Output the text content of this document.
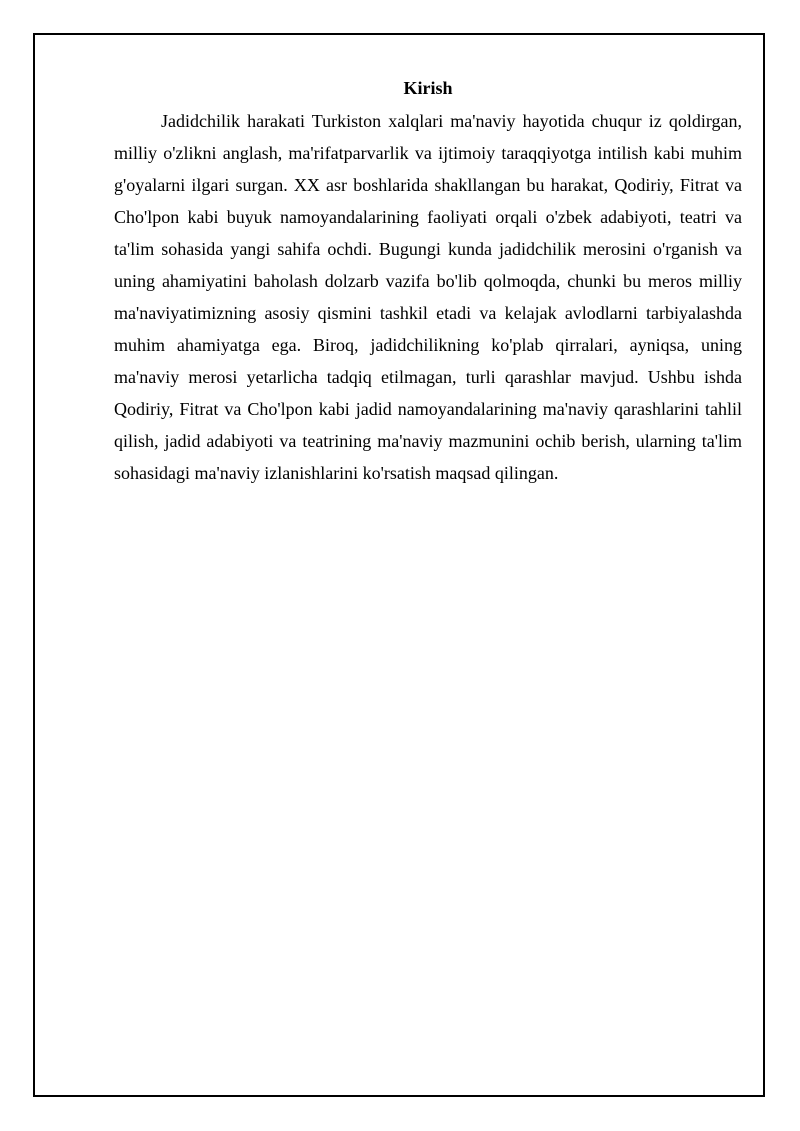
Kirish

Jadidchilik harakati Turkiston xalqlari ma'naviy hayotida chuqur iz qoldirgan, milliy o'zlikni anglash, ma'rifatparvarlik va ijtimoiy taraqqiyotga intilish kabi muhim g'oyalarni ilgari surgan. XX asr boshlarida shakllangan bu harakat, Qodiriy, Fitrat va Cho'lpon kabi buyuk namoyandalarining faoliyati orqali o'zbek adabiyoti, teatri va ta'lim sohasida yangi sahifa ochdi. Bugungi kunda jadidchilik merosini o'rganish va uning ahamiyatini baholash dolzarb vazifa bo'lib qolmoqda, chunki bu meros milliy ma'naviyatimizning asosiy qismini tashkil etadi va kelajak avlodlarni tarbiyalashda muhim ahamiyatga ega. Biroq, jadidchilikning ko'plab qirralari, ayniqsa, uning ma'naviy merosi yetarlicha tadqiq etilmagan, turli qarashlar mavjud. Ushbu ishda Qodiriy, Fitrat va Cho'lpon kabi jadid namoyandalarining ma'naviy qarashlarini tahlil qilish, jadid adabiyoti va teatrining ma'naviy mazmunini ochib berish, ularning ta'lim sohasidagi ma'naviy izlanishlarini ko'rsatish maqsad qilingan.
